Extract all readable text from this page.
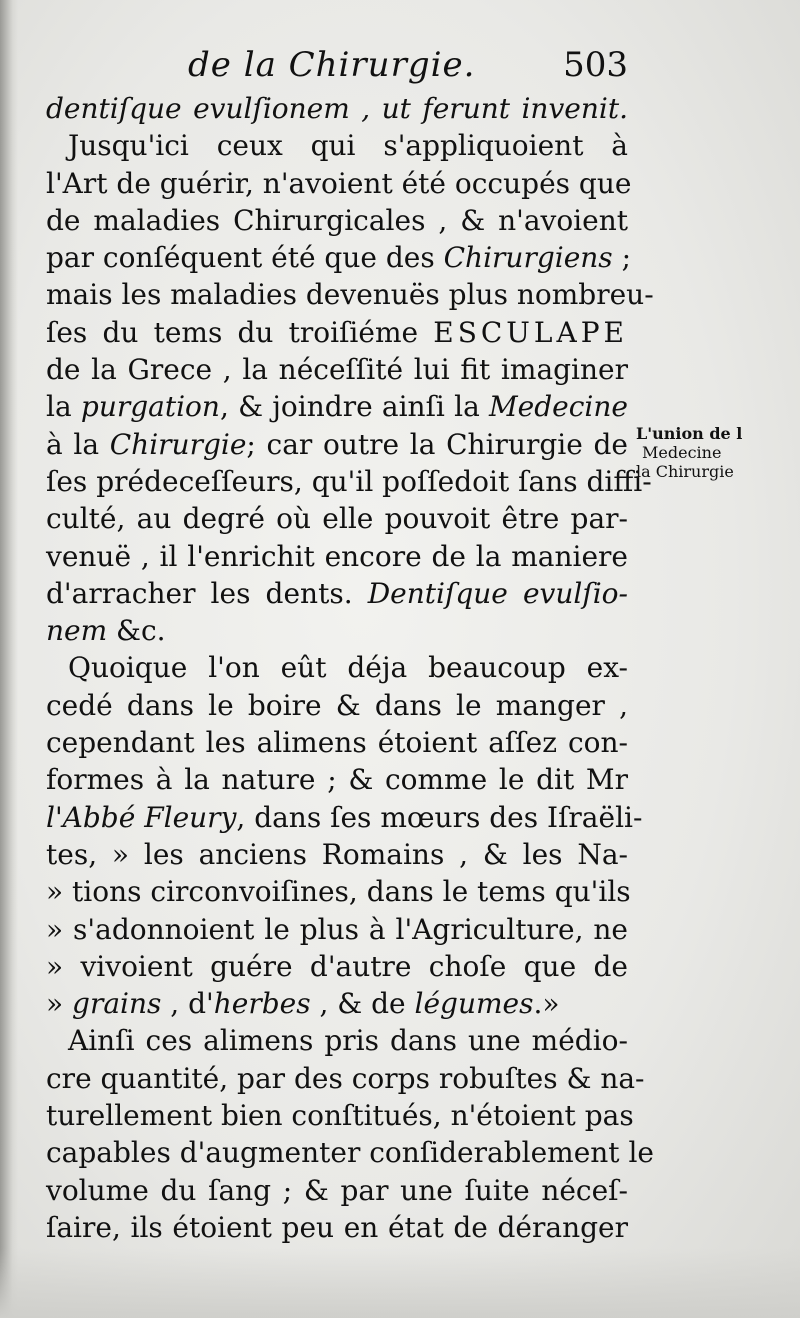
de la Chirurgie.	503
dentiſque evulſionem , ut ferunt invenit.
Jusqu'ici ceux qui s'appliquoient à
l'Art de guérir, n'avoient été occupés que
de maladies Chirurgicales , & n'avoient
par conſéquent été que des Chirurgiens ;
mais les maladies devenuës plus nombreu-
ſes du tems du troiſiéme ESCULAPE
de la Grece , la néceſſité lui fit imaginer
la purgation, & joindre ainſi la Medecine
à la Chirurgie; car outre la Chirurgie de
ſes prédeceſſeurs, qu'il poſſedoit ſans diffi-
culté, au degré où elle pouvoit être par-
venuë , il l'enrichit encore de la maniere
d'arracher les dents. Dentiſque evulſio-
nem &c.
Quoique l'on eût déja beaucoup ex-
cedé dans le boire & dans le manger ,
cependant les alimens étoient aſſez con-
formes à la nature ; & comme le dit Mr
l'Abbé Fleury, dans ſes mœurs des Iſraëli-
tes, » les anciens Romains , & les Na-
» tions circonvoiſines, dans le tems qu'ils
» s'adonnoient le plus à l'Agriculture, ne
» vivoient guére d'autre choſe que de
» grains , d'herbes , & de légumes.»
Ainſi ces alimens pris dans une médio-
cre quantité, par des corps robuſtes & na-
turellement bien conſtitués, n'étoient pas
capables d'augmenter conſiderablement le
volume du ſang ; & par une ſuite néceſ-
ſaire, ils étoient peu en état de déranger
L'union de l
Medecine
la Chirurgie
